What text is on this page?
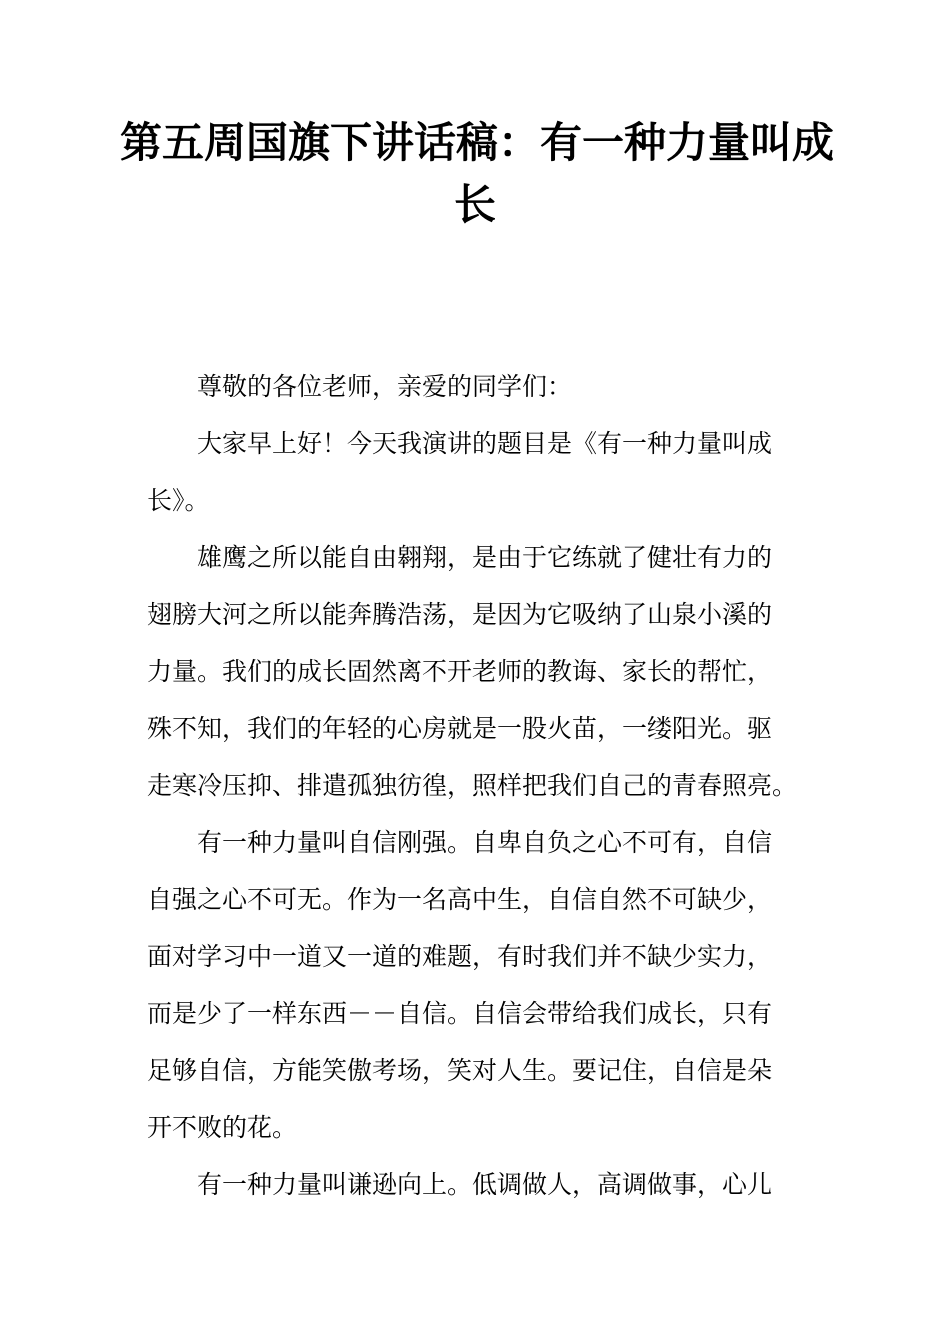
第五周国旗下讲话稿：有一种力量叫成
长

尊敬的各位老师，亲爱的同学们：

大家早上好！今天我演讲的题目是《有一种力量叫成
长》。

雄鹰之所以能自由翱翔，是由于它练就了健壮有力的
翅膀大河之所以能奔腾浩荡，是因为它吸纳了山泉小溪的
力量。我们的成长固然离不开老师的教诲、家长的帮忙，
殊不知，我们的年轻的心房就是一股火苗，一缕阳光。驱
走寒冷压抑、排遣孤独彷徨，照样把我们自己的青春照亮。

有一种力量叫自信刚强。自卑自负之心不可有，自信
自强之心不可无。作为一名高中生，自信自然不可缺少，
面对学习中一道又一道的难题，有时我们并不缺少实力，
而是少了一样东西－－自信。自信会带给我们成长，只有
足够自信，方能笑傲考场，笑对人生。要记住，自信是朵
开不败的花。

有一种力量叫谦逊向上。低调做人，高调做事，心儿
